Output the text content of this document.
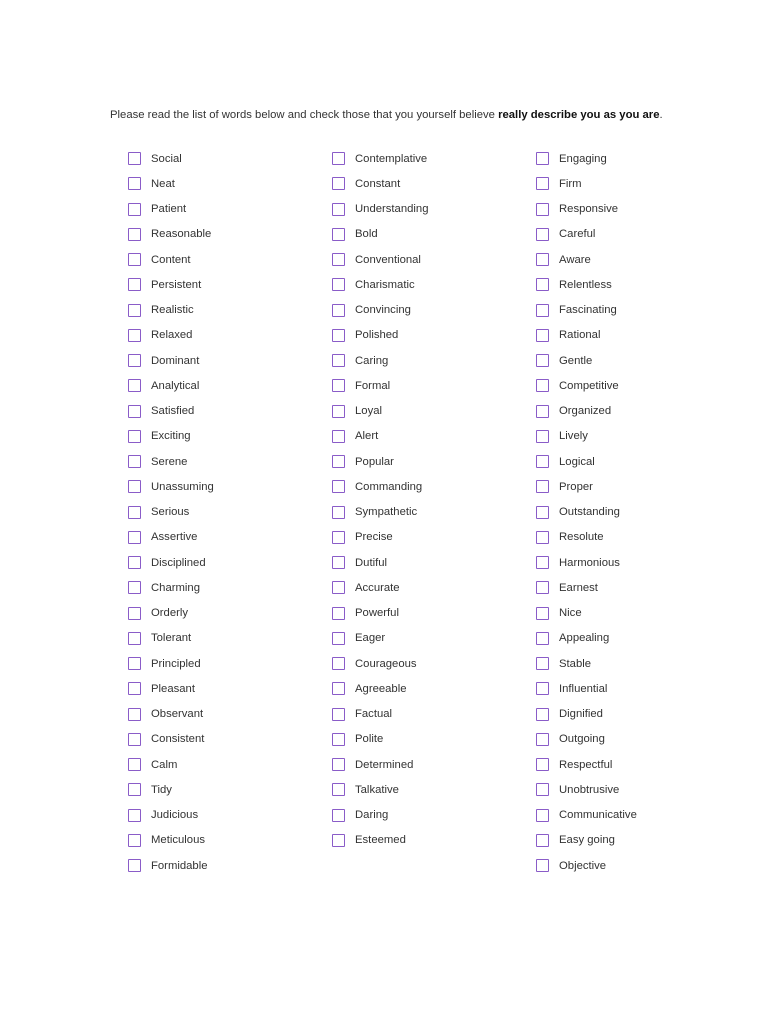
Please read the list of words below and check those that you yourself believe really describe you as you are.
Social
Neat
Patient
Reasonable
Content
Persistent
Realistic
Relaxed
Dominant
Analytical
Satisfied
Exciting
Serene
Unassuming
Serious
Assertive
Disciplined
Charming
Orderly
Tolerant
Principled
Pleasant
Observant
Consistent
Calm
Tidy
Judicious
Meticulous
Formidable
Contemplative
Constant
Understanding
Bold
Conventional
Charismatic
Convincing
Polished
Caring
Formal
Loyal
Alert
Popular
Commanding
Sympathetic
Precise
Dutiful
Accurate
Powerful
Eager
Courageous
Agreeable
Factual
Polite
Determined
Talkative
Daring
Esteemed
Engaging
Firm
Responsive
Careful
Aware
Relentless
Fascinating
Rational
Gentle
Competitive
Organized
Lively
Logical
Proper
Outstanding
Resolute
Harmonious
Earnest
Nice
Appealing
Stable
Influential
Dignified
Outgoing
Respectful
Unobtrusive
Communicative
Easy going
Objective
